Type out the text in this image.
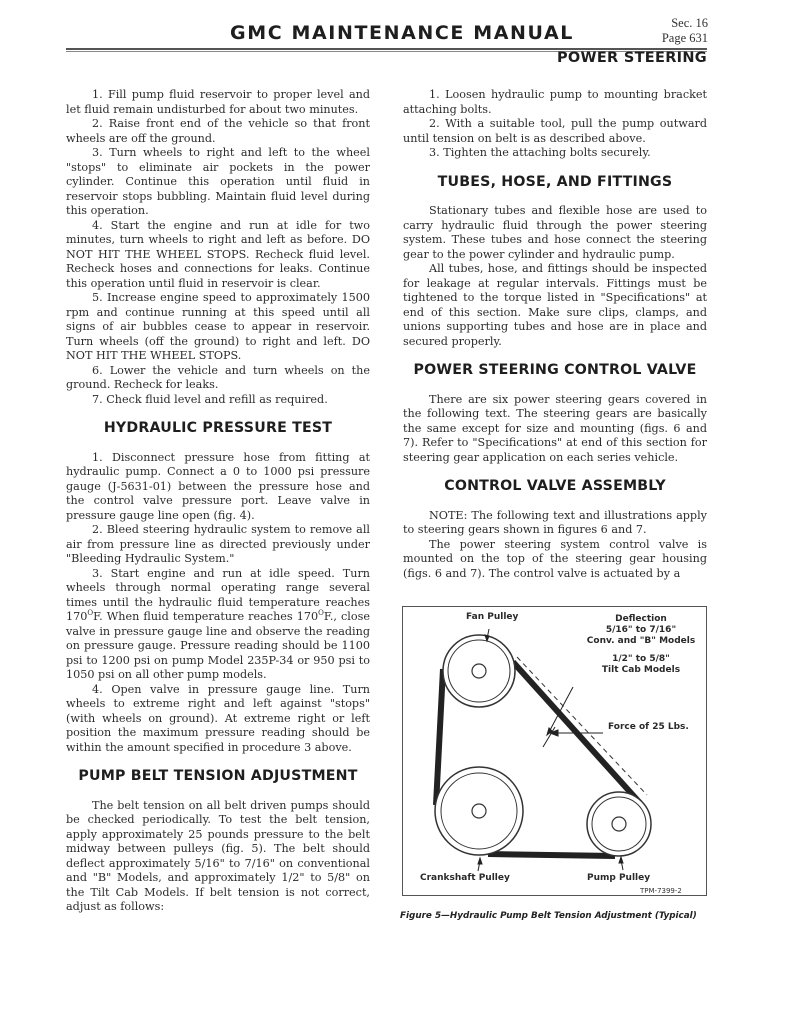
GMC MAINTENANCE MANUAL	Sec. 16
Page 631
POWER STEERING

1. Fill pump fluid reservoir to proper level and let fluid remain undisturbed for about two minutes.

2. Raise front end of the vehicle so that front wheels are off the ground.

3. Turn wheels to right and left to the wheel "stops" to eliminate air pockets in the power cylinder. Continue this operation until fluid in reservoir stops bubbling. Maintain fluid level during this operation.

4. Start the engine and run at idle for two minutes, turn wheels to right and left as before. DO NOT HIT THE WHEEL STOPS. Recheck fluid level. Recheck hoses and connections for leaks. Continue this operation until fluid in reservoir is clear.

5. Increase engine speed to approximately 1500 rpm and continue running at this speed until all signs of air bubbles cease to appear in reservoir. Turn wheels (off the ground) to right and left. DO NOT HIT THE WHEEL STOPS.

6. Lower the vehicle and turn wheels on the ground. Recheck for leaks.

7. Check fluid level and refill as required.

HYDRAULIC PRESSURE TEST

1. Disconnect pressure hose from fitting at hydraulic pump. Connect a 0 to 1000 psi pressure gauge (J-5631-01) between the pressure hose and the control valve pressure port. Leave valve in pressure gauge line open (fig. 4).

2. Bleed steering hydraulic system to remove all air from pressure line as directed previously under "Bleeding Hydraulic System."

3. Start engine and run at idle speed. Turn wheels through normal operating range several times until the hydraulic fluid temperature reaches $170^OF$. When fluid temperature reaches $170^OF$., close valve in pressure gauge line and observe the reading on pressure gauge. Pressure reading should be 1100 psi to 1200 psi on pump Model 235P-34 or 950 psi to 1050 psi on all other pump models.

4. Open valve in pressure gauge line. Turn wheels to extreme right and left against "stops" (with wheels on ground). At extreme right or left position the maximum pressure reading should be within the amount specified in procedure 3 above.

PUMP BELT TENSION ADJUSTMENT

The belt tension on all belt driven pumps should be checked periodically. To test the belt tension, apply approximately 25 pounds pressure to the belt midway between pulleys (fig. 5). The belt should deflect approximately 5/16" to 7/16" on conventional and "B" Models, and approximately 1/2" to 5/8" on the Tilt Cab Models. If belt tension is not correct, adjust as follows:

1. Loosen hydraulic pump to mounting bracket attaching bolts.

2. With a suitable tool, pull the pump outward until tension on belt is as described above.

3. Tighten the attaching bolts securely.

TUBES, HOSE, AND FITTINGS

Stationary tubes and flexible hose are used to carry hydraulic fluid through the power steering system. These tubes and hose connect the steering gear to the power cylinder and hydraulic pump.

All tubes, hose, and fittings should be inspected for leakage at regular intervals. Fittings must be tightened to the torque listed in "Specifications" at end of this section. Make sure clips, clamps, and unions supporting tubes and hose are in place and secured properly.

POWER STEERING CONTROL VALVE

There are six power steering gears covered in the following text. The steering gears are basically the same except for size and mounting (figs. 6 and 7). Refer to "Specifications" at end of this section for steering gear application on each series vehicle.

CONTROL VALVE ASSEMBLY

NOTE: The following text and illustrations apply to steering gears shown in figures 6 and 7.

The power steering system control valve is mounted on the top of the steering gear housing (figs. 6 and 7). The control valve is actuated by a

Fan Pulley	Deflection
5/16" to 7/16"
Conv. and "B" Models
1/2" to 5/8"
Tilt Cab Models
Force of 25 Lbs.
Crankshaft Pulley	Pump Pulley
TPM-7399-2
Figure 5—Hydraulic Pump Belt Tension Adjustment (Typical)
